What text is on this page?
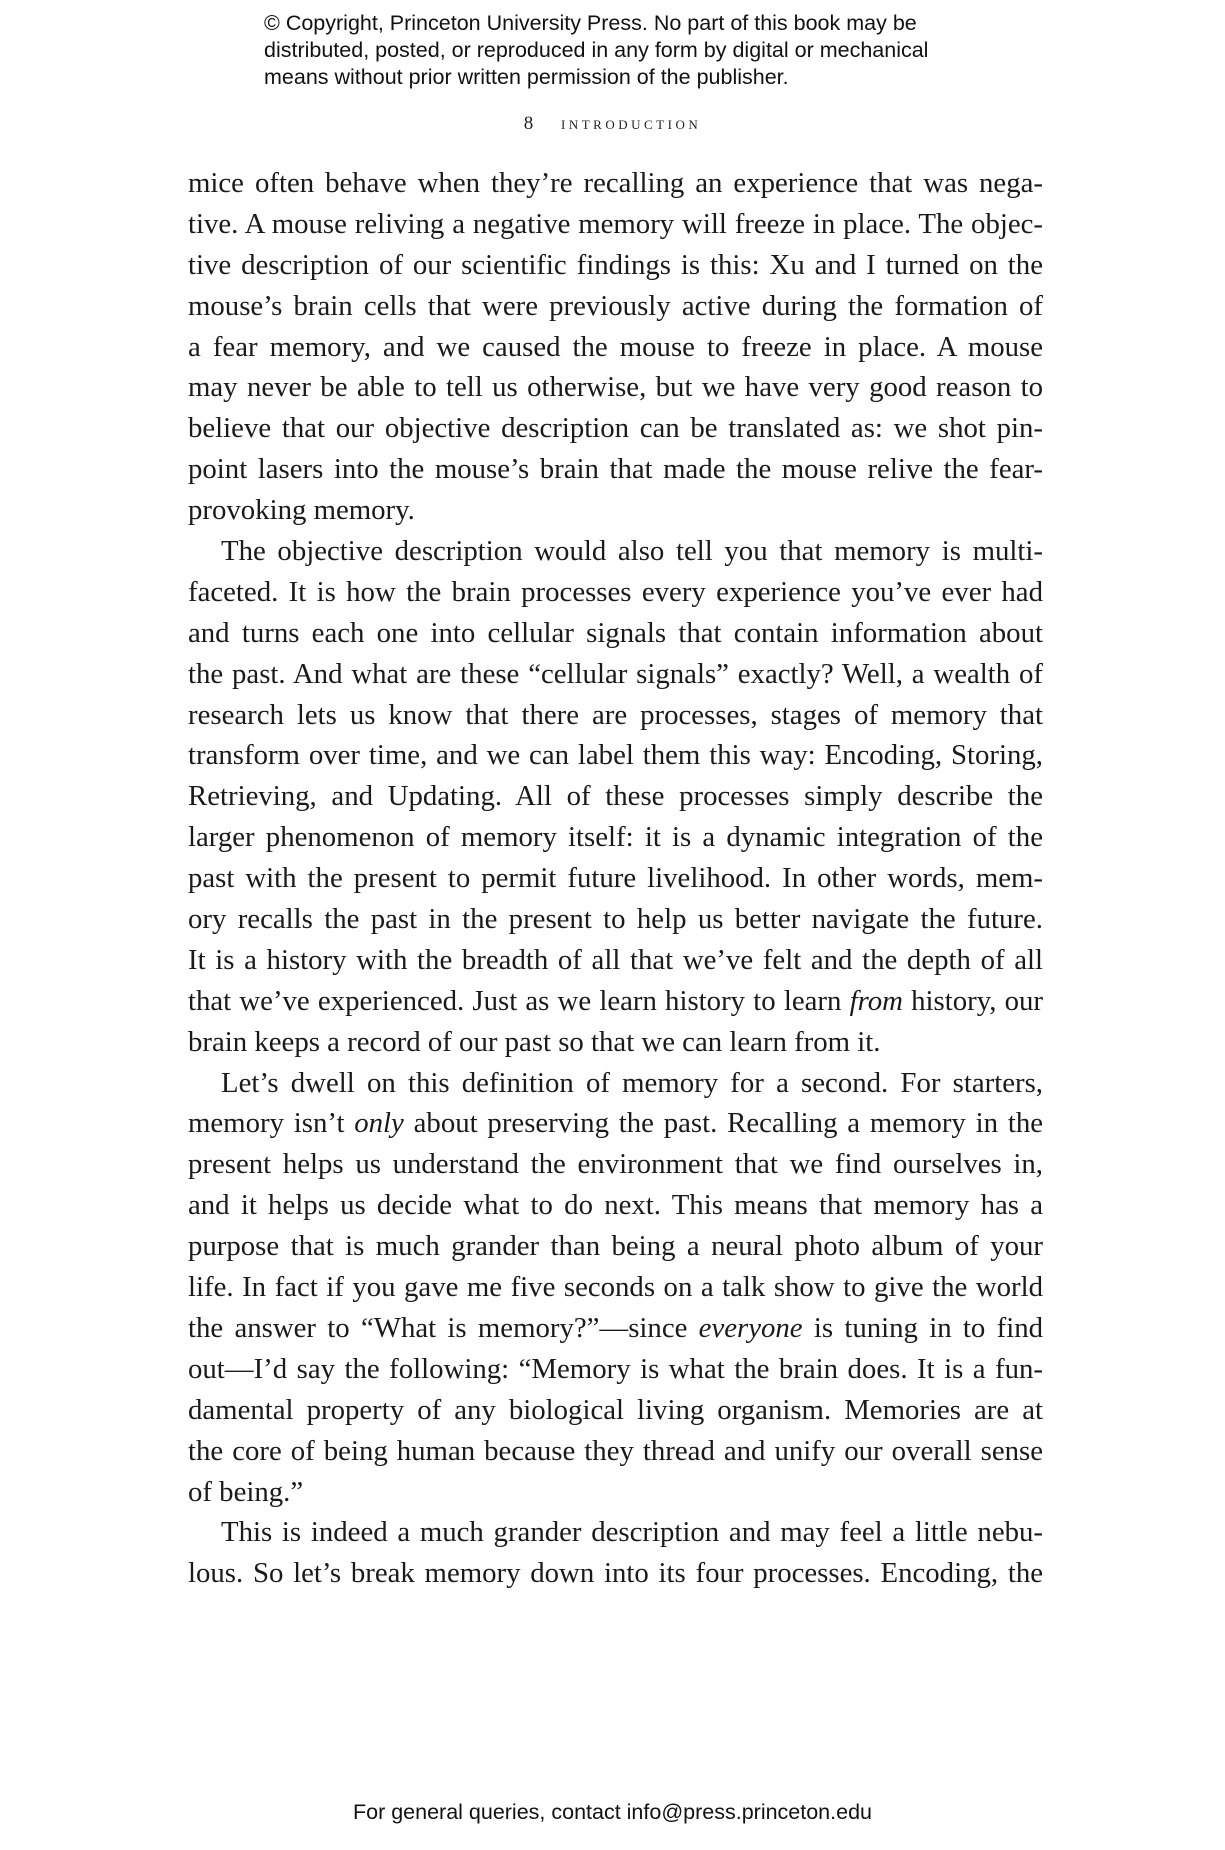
© Copyright, Princeton University Press. No part of this book may be
distributed, posted, or reproduced in any form by digital or mechanical
means without prior written permission of the publisher.
8 introduction
mice often behave when they’re recalling an experience that was nega-
tive. A mouse reliving a negative memory will freeze in place. The objec-
tive description of our scientific findings is this: Xu and I turned on the
mouse’s brain cells that were previously active during the formation of
a fear memory, and we caused the mouse to freeze in place. A mouse
may never be able to tell us otherwise, but we have very good reason to
believe that our objective description can be translated as: we shot pin-
point lasers into the mouse’s brain that made the mouse relive the fear-
provoking memory.
The objective description would also tell you that memory is multi-
faceted. It is how the brain processes every experience you’ve ever had
and turns each one into cellular signals that contain information about
the past. And what are these “cellular signals” exactly? Well, a wealth of
research lets us know that there are processes, stages of memory that
transform over time, and we can label them this way: Encoding, Storing,
Retrieving, and Updating. All of these processes simply describe the
larger phenomenon of memory itself: it is a dynamic integration of the
past with the present to permit future livelihood. In other words, mem-
ory recalls the past in the present to help us better navigate the future.
It is a history with the breadth of all that we’ve felt and the depth of all
that we’ve experienced. Just as we learn history to learn from history, our
brain keeps a record of our past so that we can learn from it.
Let’s dwell on this definition of memory for a second. For starters,
memory isn’t only about preserving the past. Recalling a memory in the
present helps us understand the environment that we find ourselves in,
and it helps us decide what to do next. This means that memory has a
purpose that is much grander than being a neural photo album of your
life. In fact if you gave me five seconds on a talk show to give the world
the answer to “What is memory?”—since everyone is tuning in to find
out—I’d say the following: “Memory is what the brain does. It is a fun-
damental property of any biological living organism. Memories are at
the core of being human because they thread and unify our overall sense
of being.”
This is indeed a much grander description and may feel a little nebu-
lous. So let’s break memory down into its four processes. Encoding, the
For general queries, contact info@press.princeton.edu
